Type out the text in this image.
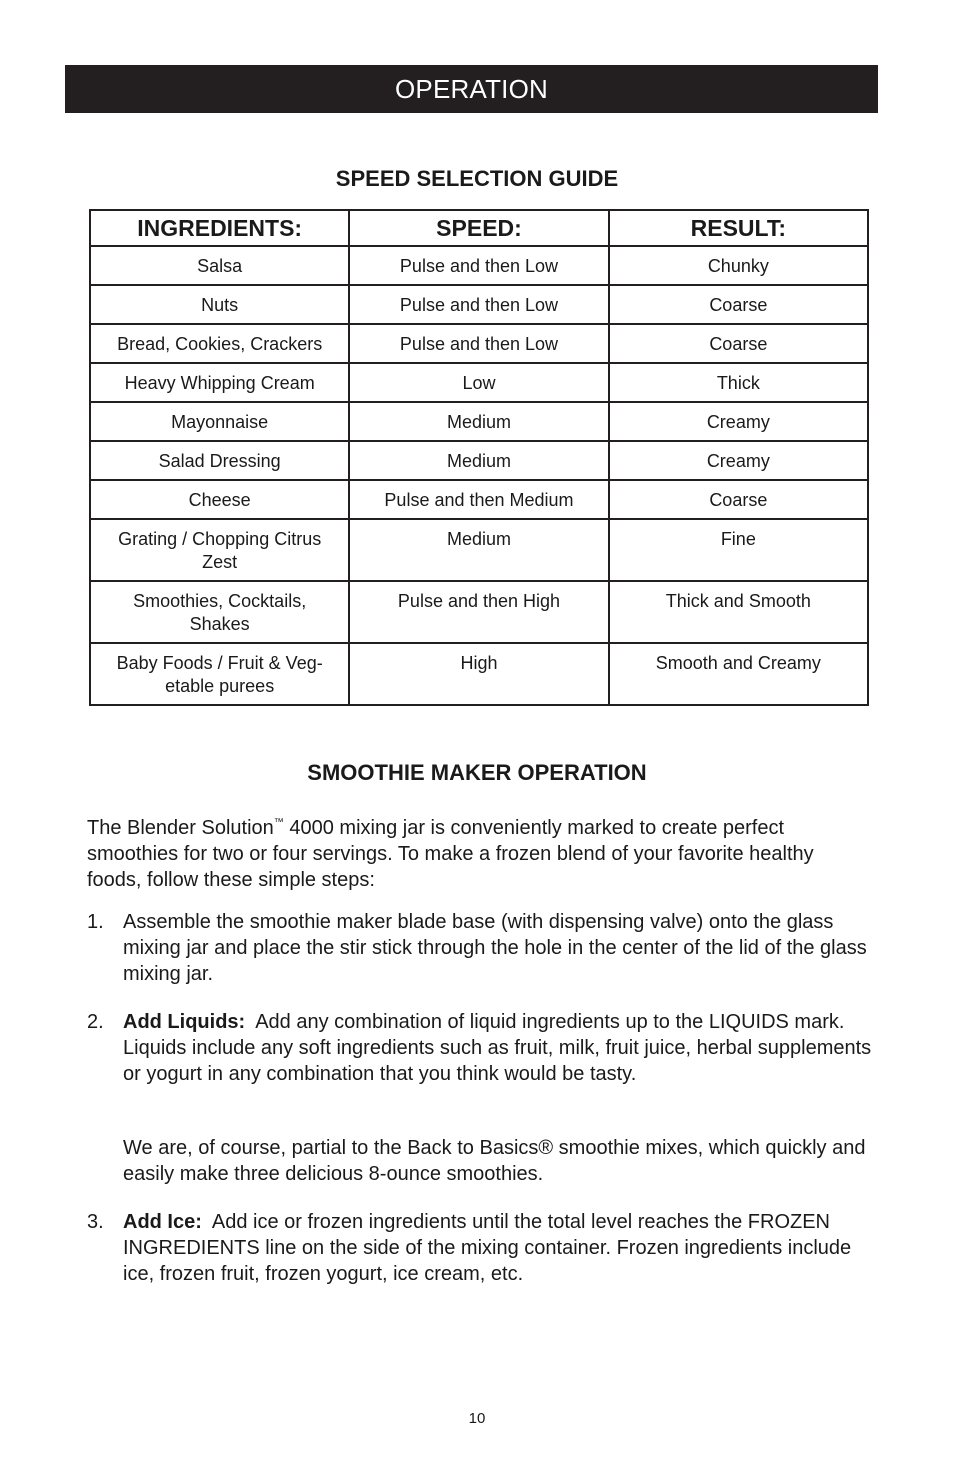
OPERATION
SPEED SELECTION GUIDE
INGREDIENTS:	SPEED:	RESULT:
Salsa	Pulse and then Low	Chunky
Nuts	Pulse and then Low	Coarse
Bread, Cookies, Crackers	Pulse and then Low	Coarse
Heavy Whipping Cream	Low	Thick
Mayonnaise	Medium	Creamy
Salad Dressing	Medium	Creamy
Cheese	Pulse and then Medium	Coarse
Grating / Chopping Citrus Zest	Medium	Fine
Smoothies, Cocktails, Shakes	Pulse and then High	Thick and Smooth
Baby Foods / Fruit & Veg-etable purees	High	Smooth and Creamy
SMOOTHIE MAKER OPERATION
The Blender Solution™ 4000 mixing jar is conveniently marked to create perfect smoothies for two or four servings. To make a frozen blend of your favorite healthy foods, follow these simple steps:
1. Assemble the smoothie maker blade base (with dispensing valve) onto the glass mixing jar and place the stir stick through the hole in the center of the lid of the glass mixing jar.
2. Add Liquids:  Add any combination of liquid ingredients up to the LIQUIDS mark.  Liquids include any soft ingredients such as fruit, milk, fruit juice, herbal supplements or yogurt in any combination that you think would be tasty.
We are, of course, partial to the Back to Basics® smoothie mixes, which quickly and easily make three delicious 8-ounce smoothies.
3. Add Ice:  Add ice or frozen ingredients until the total level reaches the FROZEN INGREDIENTS line on the side of the mixing container. Frozen ingredients include ice, frozen fruit, frozen yogurt, ice cream, etc.
10
